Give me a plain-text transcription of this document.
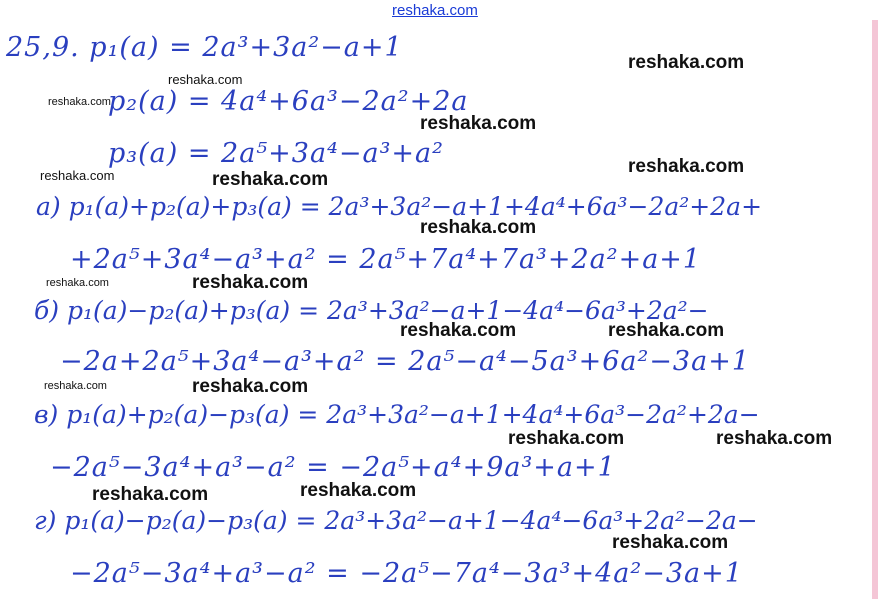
reshaka.com
25,9. p₁(a) = 2a³+3a²−a+1
p₂(a) = 4a⁴+6a³−2a²+2a
p₃(a) = 2a⁵+3a⁴−a³+a²
а) p₁(a)+p₂(a)+p₃(a) = 2a³+3a²−a+1+4a⁴+6a³−2a²+2a+
+2a⁵+3a⁴−a³+a² = 2a⁵+7a⁴+7a³+2a²+a+1
б) p₁(a)−p₂(a)+p₃(a) = 2a³+3a²−a+1−4a⁴−6a³+2a²−
−2a+2a⁵+3a⁴−a³+a² = 2a⁵−a⁴−5a³+6a²−3a+1
в) p₁(a)+p₂(a)−p₃(a) = 2a³+3a²−a+1+4a⁴+6a³−2a²+2a−
−2a⁵−3a⁴+a³−a² = −2a⁵+a⁴+9a³+a+1
г) p₁(a)−p₂(a)−p₃(a) = 2a³+3a²−a+1−4a⁴−6a³+2a²−2a−
−2a⁵−3a⁴+a³−a² = −2a⁵−7a⁴−3a³+4a²−3a+1
reshaka.com
reshaka.com
reshaka.com
reshaka.com
reshaka.com
reshaka.com	reshaka.com
reshaka.com
reshaka.com	reshaka.com
reshaka.com	reshaka.com
reshaka.com	reshaka.com
reshaka.com	reshaka.com
reshaka.com	reshaka.com
reshaka.com
